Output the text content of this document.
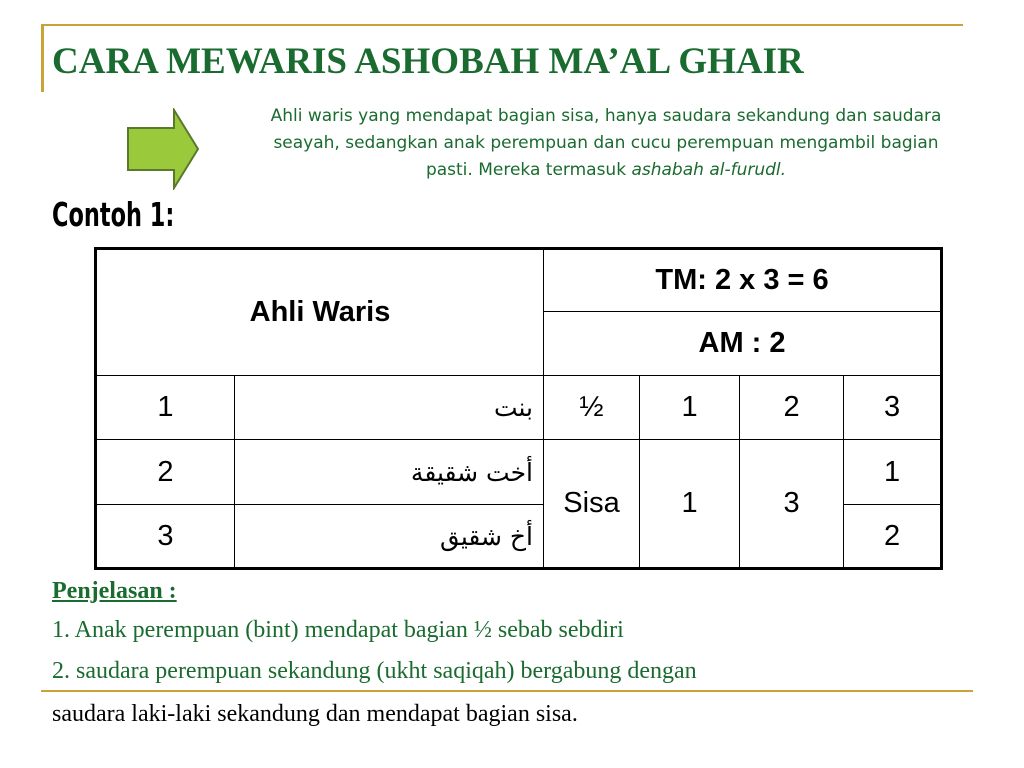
CARA MEWARIS ASHOBAH MA’AL GHAIR
Ahli waris yang mendapat bagian sisa, hanya saudara sekandung dan saudara seayah, sedangkan anak perempuan dan cucu perempuan mengambil bagian pasti. Mereka termasuk ashabah al-furudl.
Contoh 1:
Ahli Waris		TM: 2 x 3 = 6			
		AM : 2			
1	بنت	½	1	2	3
2	أخت شقيقة	Sisa	1	3	1
3	أخ شقيق				2
Penjelasan :
1. Anak perempuan (bint) mendapat bagian ½ sebab sebdiri
2. saudara perempuan sekandung (ukht saqiqah) bergabung dengan
saudara laki-laki sekandung dan mendapat bagian sisa.
